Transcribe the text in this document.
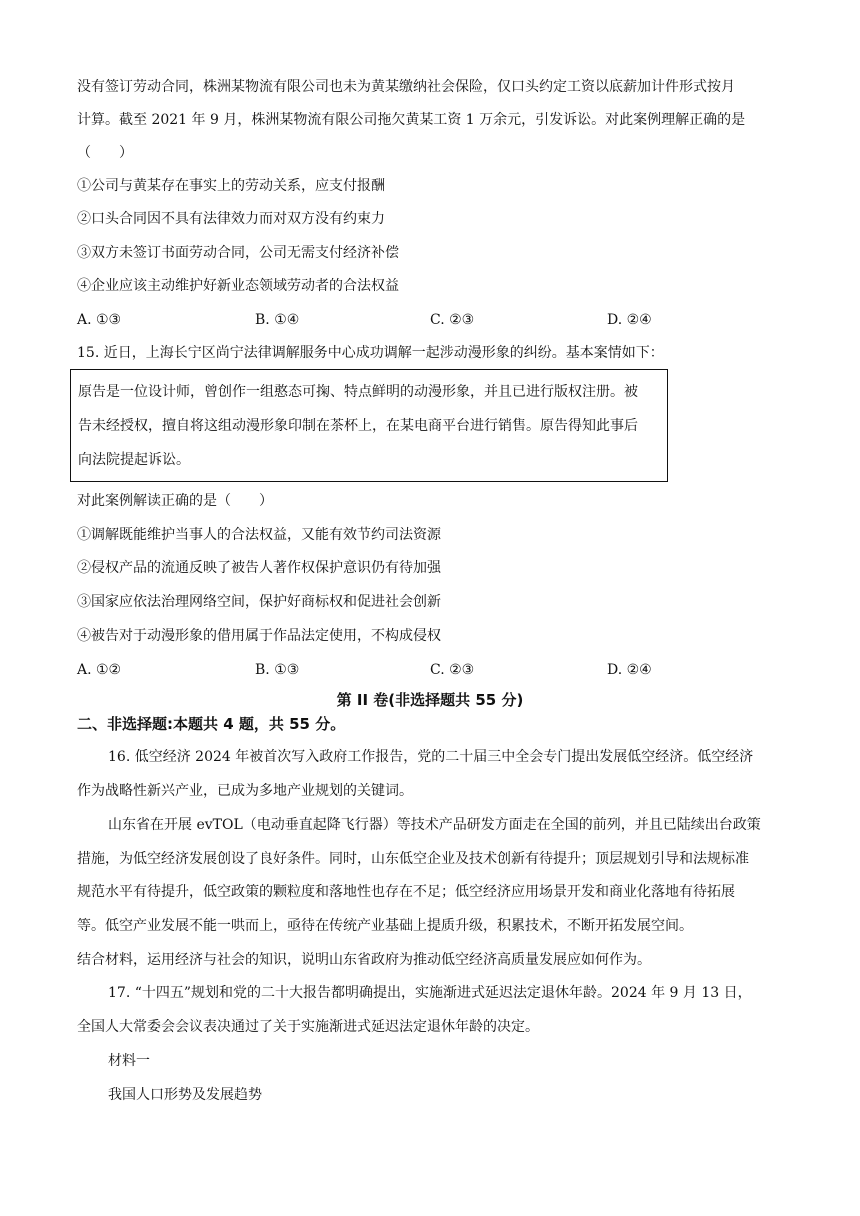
没有签订劳动合同，株洲某物流有限公司也未为黄某缴纳社会保险，仅口头约定工资以底薪加计件形式按月
计算。截至 2021 年 9 月，株洲某物流有限公司拖欠黄某工资 1 万余元，引发诉讼。对此案例理解正确的是
（　　）
①公司与黄某存在事实上的劳动关系，应支付报酬
②口头合同因不具有法律效力而对双方没有约束力
③双方未签订书面劳动合同，公司无需支付经济补偿
④企业应该主动维护好新业态领域劳动者的合法权益
A. ①③	B. ①④	C. ②③	D. ②④
15. 近日，上海长宁区尚宁法律调解服务中心成功调解一起涉动漫形象的纠纷。基本案情如下：
原告是一位设计师，曾创作一组憨态可掬、特点鲜明的动漫形象，并且已进行版权注册。被
告未经授权，擅自将这组动漫形象印制在茶杯上，在某电商平台进行销售。原告得知此事后
向法院提起诉讼。
对此案例解读正确的是（　　）
①调解既能维护当事人的合法权益，又能有效节约司法资源
②侵权产品的流通反映了被告人著作权保护意识仍有待加强
③国家应依法治理网络空间，保护好商标权和促进社会创新
④被告对于动漫形象的借用属于作品法定使用，不构成侵权
A. ①②	B. ①③	C. ②③	D. ②④
第 II 卷(非选择题共 55 分)
二、非选择题:本题共 4 题，共 55 分。
16. 低空经济 2024 年被首次写入政府工作报告，党的二十届三中全会专门提出发展低空经济。低空经济
作为战略性新兴产业，已成为多地产业规划的关键词。
山东省在开展 evTOL（电动垂直起降飞行器）等技术产品研发方面走在全国的前列，并且已陆续出台政策
措施，为低空经济发展创设了良好条件。同时，山东低空企业及技术创新有待提升；顶层规划引导和法规标准
规范水平有待提升，低空政策的颗粒度和落地性也存在不足；低空经济应用场景开发和商业化落地有待拓展
等。低空产业发展不能一哄而上，亟待在传统产业基础上提质升级，积累技术，不断开拓发展空间。
结合材料，运用经济与社会的知识，说明山东省政府为推动低空经济高质量发展应如何作为。
17. “十四五”规划和党的二十大报告都明确提出，实施渐进式延迟法定退休年龄。2024 年 9 月 13 日，
全国人大常委会会议表决通过了关于实施渐进式延迟法定退休年龄的决定。
材料一
我国人口形势及发展趋势
